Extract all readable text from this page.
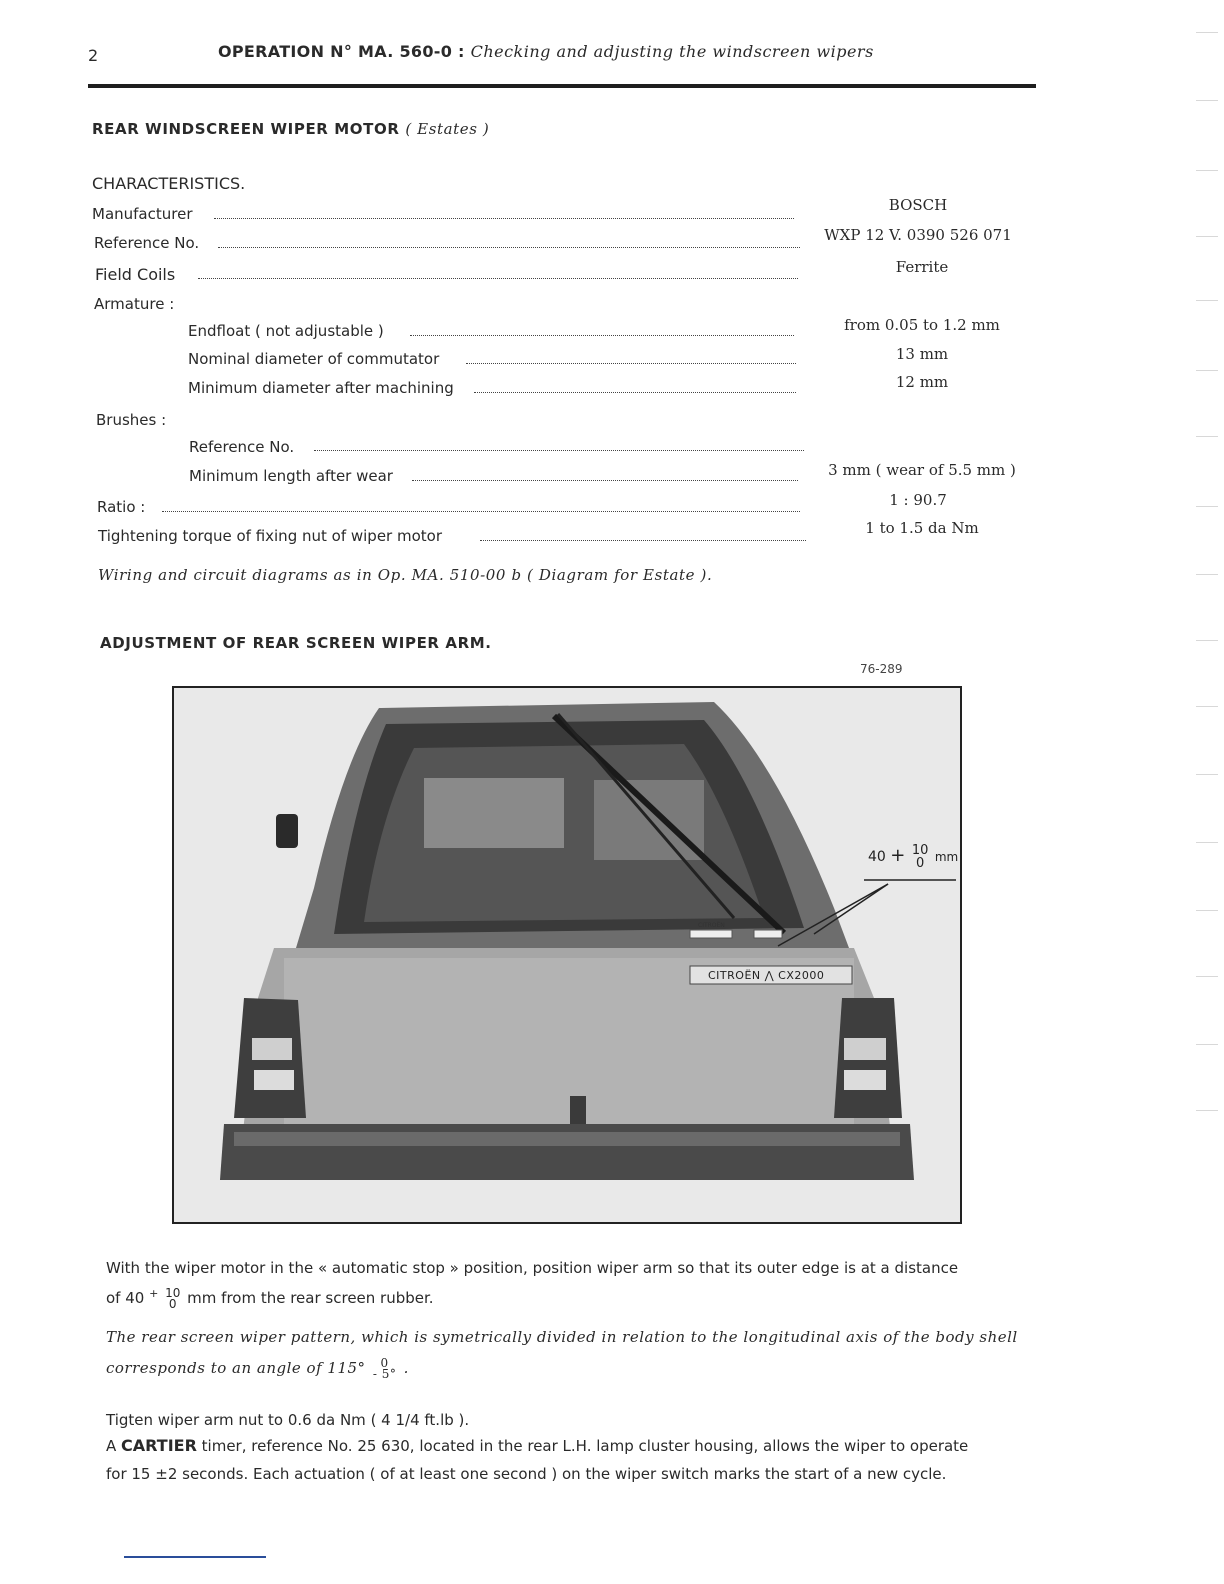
2	OPERATION N° MA. 560-0 : Checking and adjusting the windscreen wipers
REAR WINDSCREEN WIPER MOTOR ( Estates )
CHARACTERISTICS.
Manufacturer	BOSCH
Reference No.	WXP 12 V. 0390 526 071
Field Coils	Ferrite
Armature :
Endfloat ( not adjustable )	from 0.05 to 1.2 mm
Nominal diameter of commutator	13 mm
Minimum diameter after machining	12 mm
Brushes :
Reference No.
Minimum length after wear	3 mm ( wear of 5.5 mm )
Ratio :	1 : 90.7
Tightening torque of fixing nut of wiper motor	1 to 1.5 da Nm
Wiring and circuit diagrams as in Op. MA. 510-00 b ( Diagram for Estate ).
ADJUSTMENT OF REAR SCREEN WIPER ARM.
76-289
CITROËN
CITROËN ⋀ CX2000
40 + 10
0 mm
With the wiper motor in the « automatic stop » position, position wiper arm so that its outer edge is at a distance
of 40 + 10
0 mm from the rear screen rubber.
The rear screen wiper pattern, which is symetrically divided in relation to the longitudinal axis of the body shell
corresponds to an angle of 115° 0
- 5° .
Tigten wiper arm nut to 0.6 da Nm ( 4 1/4 ft.lb ).
A CARTIER timer, reference No. 25 630, located in the rear L.H. lamp cluster housing, allows the wiper to operate
for 15 ±2 seconds. Each actuation ( of at least one second ) on the wiper switch marks the start of a new cycle.
